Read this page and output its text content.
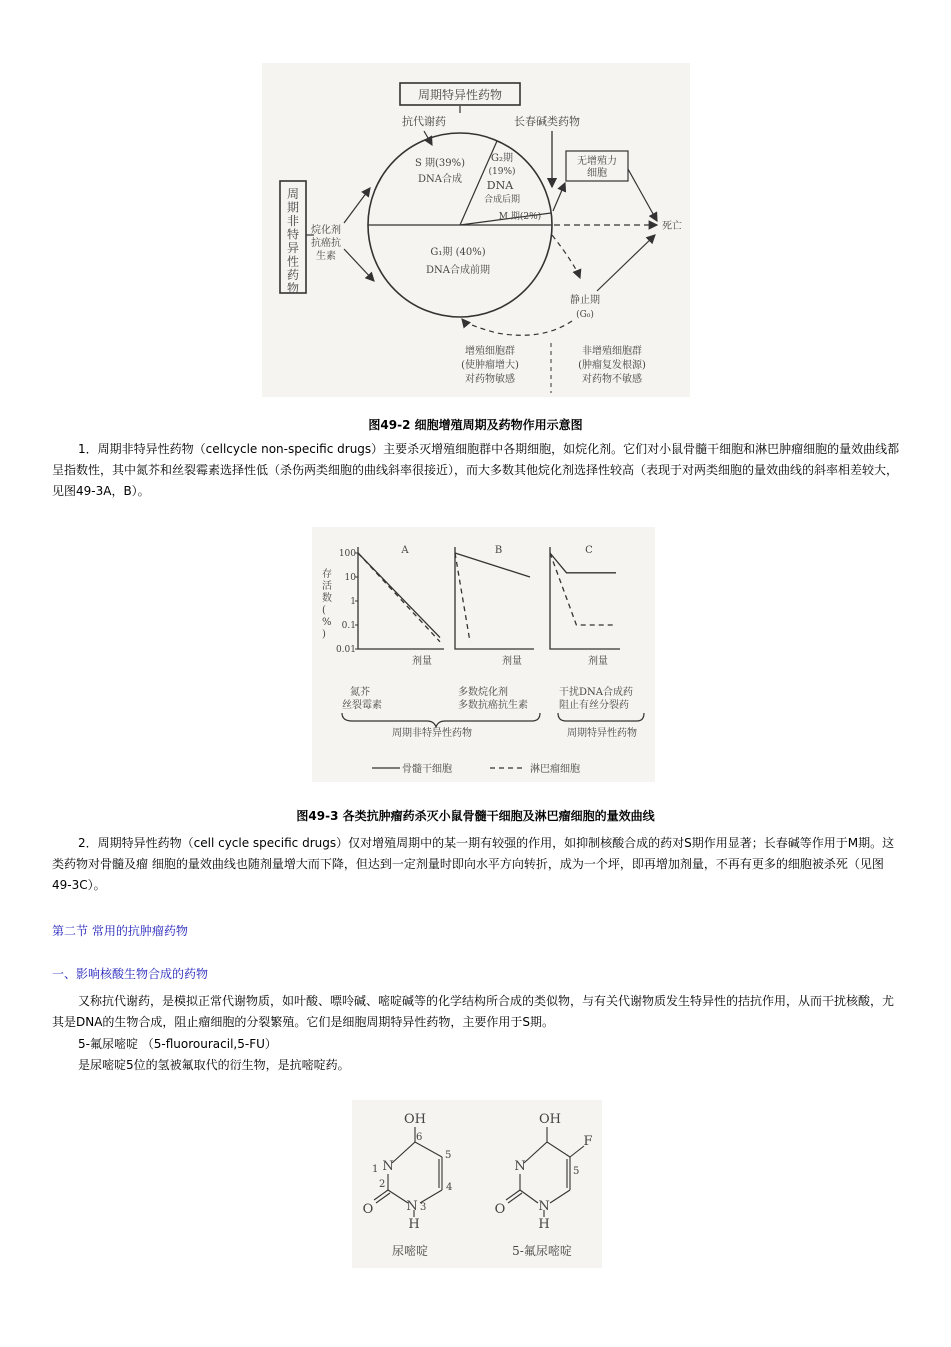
周期特异性药物
周期非特异性药物
S 期(39%)
DNA合成
G₂期
(19%)
DNA
合成后期
M 期(2%)
G₁期 (40%)
DNA合成前期
抗代谢药	长春碱类药物
烷化剂
抗癌抗
生素
无增殖力
细胞
死亡
静止期
(G₀)
增殖细胞群
(使肿瘤增大)
对药物敏感
非增殖细胞群
(肿瘤复发根源)
对药物不敏感
图49-2 细胞增殖周期及药物作用示意图
1．周期非特异性药物（cellcycle non-specific drugs）主要杀灭增殖细胞群中各期细胞，如烷化剂。它们对小鼠骨髓干细胞和淋巴肿瘤细胞的量效曲线都呈指数性，其中氮芥和丝裂霉素选择性低（杀伤两类细胞的曲线斜率很接近），而大多数其他烷化剂选择性较高（表现于对两类细胞的量效曲线的斜率相差较大，见图49-3A，B）。
存活数( % )
100
10
1
0.1
0.01
A
剂量
B
剂量
C
剂量
氮芥
丝裂霉素
多数烷化剂
多数抗癌抗生素
干扰DNA合成药
阻止有丝分裂药
周期非特异性药物	周期特异性药物
骨髓干细胞	淋巴瘤细胞
图49-3 各类抗肿瘤药杀灭小鼠骨髓干细胞及淋巴瘤细胞的量效曲线
2．周期特异性药物（cell cycle specific drugs）仅对增殖周期中的某一期有较强的作用，如抑制核酸合成的药对S期作用显著；长春碱等作用于M期。这类药物对骨髓及瘤 细胞的量效曲线也随剂量增大而下降，但达到一定剂量时即向水平方向转折，成为一个坪，即再增加剂量，不再有更多的细胞被杀死（见图49-3C）。
第二节 常用的抗肿瘤药物
一、影响核酸生物合成的药物
又称抗代谢药，是模拟正常代谢物质，如叶酸、嘌呤碱、嘧啶碱等的化学结构所合成的类似物，与有关代谢物质发生特异性的拮抗作用，从而干扰核酸，尤其是DNA的生物合成，阻止瘤细胞的分裂繁殖。它们是细胞周期特异性药物，主要作用于S期。
5-氟尿嘧啶 （5-fluorouracil,5-FU）
是尿嘧啶5位的氢被氟取代的衍生物，是抗嘧啶药。
OH
N
N
H
O
1
2
3
4
5
6
尿嘧啶
OH
F
N
N
H
O
5
5-氟尿嘧啶
